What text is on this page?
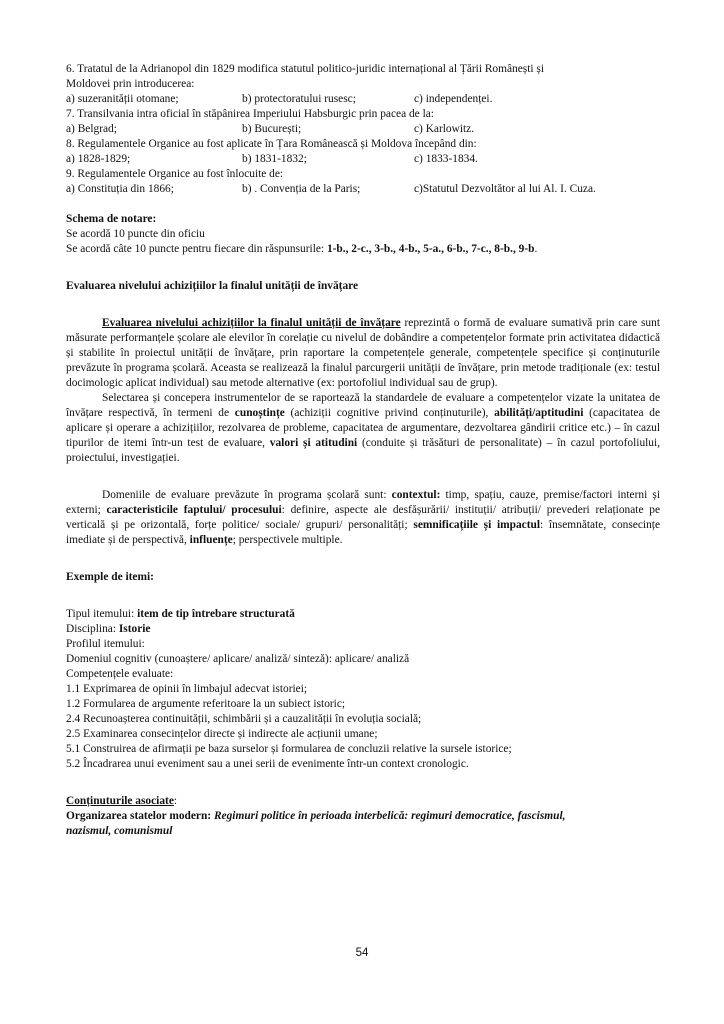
6. Tratatul de la Adrianopol din 1829 modifica statutul politico-juridic internațional al Țării Românești și
Moldovei prin introducerea:
a) suzeranității otomane;	b) protectoratului rusesc;	c) independenței.
7. Transilvania intra oficial în stăpânirea Imperiului Habsburgic prin pacea de la:
a) Belgrad;	b) București;	c) Karlowitz.
8. Regulamentele Organice au fost aplicate în Țara Românească și Moldova începând din:
a) 1828-1829;	b) 1831-1832;	c) 1833-1834.
9. Regulamentele Organice au fost înlocuite de:
a) Constituția din 1866;	b) . Convenția de la Paris;	c)Statutul Dezvoltător al lui Al. I. Cuza.
Schema de notare:
Se acordă 10 puncte din oficiu
Se acordă câte 10 puncte pentru fiecare din răspunsurile: 1-b., 2-c., 3-b., 4-b., 5-a., 6-b., 7-c., 8-b., 9-b.
Evaluarea nivelului achizițiilor la finalul unității de învățare
Evaluarea nivelului achizițiilor la finalul unității de învățare reprezintă o formă de evaluare sumativă prin care sunt măsurate performanțele școlare ale elevilor în corelație cu nivelul de dobândire a competențelor formate prin activitatea didactică și stabilite în proiectul unității de învățare, prin raportare la competențele generale, competențele specifice și conținuturile prevăzute în programa școlară. Aceasta se realizează la finalul parcurgerii unității de învățare, prin metode tradiționale (ex: testul docimologic aplicat individual) sau metode alternative (ex: portofoliul individual sau de grup).
Selectarea și concepera instrumentelor de se raportează la standardele de evaluare a competențelor vizate la unitatea de învățare respectivă, în termeni de cunoștințe (achiziții cognitive privind conținuturile), abilități/aptitudini (capacitatea de aplicare și operare a achizițiilor, rezolvarea de probleme, capacitatea de argumentare, dezvoltarea gândirii critice etc.) – în cazul tipurilor de itemi într-un test de evaluare, valori și atitudini (conduite și trăsături de personalitate) – în cazul portofoliului, proiectului, investigației.
Domeniile de evaluare prevăzute în programa școlară sunt: contextul: timp, spațiu, cauze, premise/factori interni și externi; caracteristicile faptului/ procesului: definire, aspecte ale desfășurării/ instituții/ atribuții/ prevederi relaționate pe verticală și pe orizontală, forțe politice/ sociale/ grupuri/ personalități; semnificațiile și impactul: însemnătate, consecințe imediate și de perspectivă, influențe; perspectivele multiple.
Exemple de itemi:
Tipul itemului: item de tip întrebare structurată
Disciplina: Istorie
Profilul itemului:
Domeniul cognitiv (cunoaștere/ aplicare/ analiză/ sinteză): aplicare/ analiză
Competențele evaluate:
1.1 Exprimarea de opinii în limbajul adecvat istoriei;
1.2 Formularea de argumente referitoare la un subiect istoric;
2.4 Recunoașterea continuității, schimbării și a cauzalității în evoluția socială;
2.5 Examinarea consecințelor directe și indirecte ale acțiunii umane;
5.1 Construirea de afirmații pe baza surselor și formularea de concluzii relative la sursele istorice;
5.2 Încadrarea unui eveniment sau a unei serii de evenimente într-un context cronologic.
Conținuturile asociate:
Organizarea statelor modern: Regimuri politice în perioada interbelică: regimuri democratice, fascismul,
nazismul, comunismul
54
